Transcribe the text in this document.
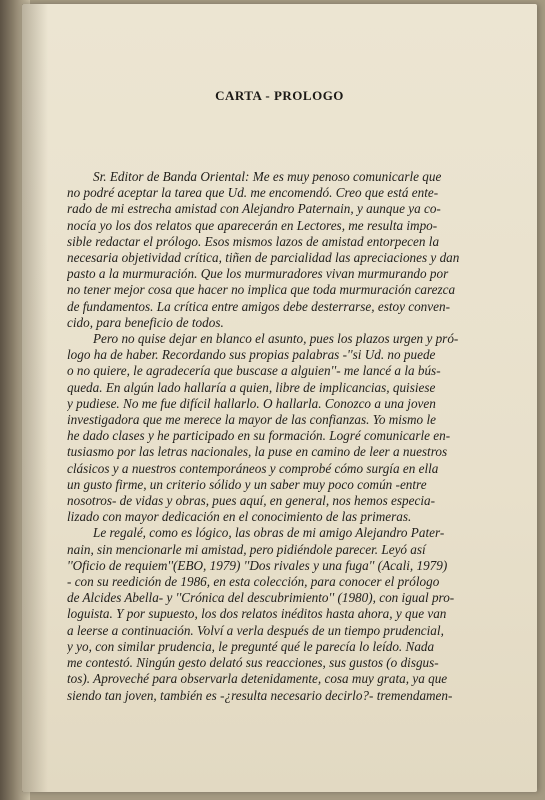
CARTA - PROLOGO
Sr. Editor de Banda Oriental: Me es muy penoso comunicarle que
no podré aceptar la tarea que Ud. me encomendó. Creo que está ente-
rado de mi estrecha amistad con Alejandro Paternain, y aunque ya co-
nocía yo los dos relatos que aparecerán en Lectores, me resulta impo-
sible redactar el prólogo. Esos mismos lazos de amistad entorpecen la
necesaria objetividad crítica, tiñen de parcialidad las apreciaciones y dan
pasto a la murmuración. Que los murmuradores vivan murmurando por
no tener mejor cosa que hacer no implica que toda murmuración carezca
de fundamentos. La crítica entre amigos debe desterrarse, estoy conven-
cido, para beneficio de todos.
Pero no quise dejar en blanco el asunto, pues los plazos urgen y pró-
logo ha de haber. Recordando sus propias palabras -''si Ud. no puede
o no quiere, le agradecería que buscase a alguien''- me lancé a la bús-
queda. En algún lado hallaría a quien, libre de implicancias, quisiese
y pudiese. No me fue difícil hallarlo. O hallarla. Conozco a una joven
investigadora que me merece la mayor de las confianzas. Yo mismo le
he dado clases y he participado en su formación. Logré comunicarle en-
tusiasmo por las letras nacionales, la puse en camino de leer a nuestros
clásicos y a nuestros contemporáneos y comprobé cómo surgía en ella
un gusto firme, un criterio sólido y un saber muy poco común -entre
nosotros- de vidas y obras, pues aquí, en general, nos hemos especia-
lizado con mayor dedicación en el conocimiento de las primeras.
Le regalé, como es lógico, las obras de mi amigo Alejandro Pater-
nain, sin mencionarle mi amistad, pero pidiéndole parecer. Leyó así
''Oficio de requiem''(EBO, 1979) ''Dos rivales y una fuga'' (Acali, 1979)
- con su reedición de 1986, en esta colección, para conocer el prólogo
de Alcides Abella- y ''Crónica del descubrimiento'' (1980), con igual pro-
loguista. Y por supuesto, los dos relatos inéditos hasta ahora, y que van
a leerse a continuación. Volví a verla después de un tiempo prudencial,
y yo, con similar prudencia, le pregunté qué le parecía lo leído. Nada
me contestó. Ningún gesto delató sus reacciones, sus gustos (o disgus-
tos). Aproveché para observarla detenidamente, cosa muy grata, ya que
siendo tan joven, también es -¿resulta necesario decirlo?- tremendamen-
